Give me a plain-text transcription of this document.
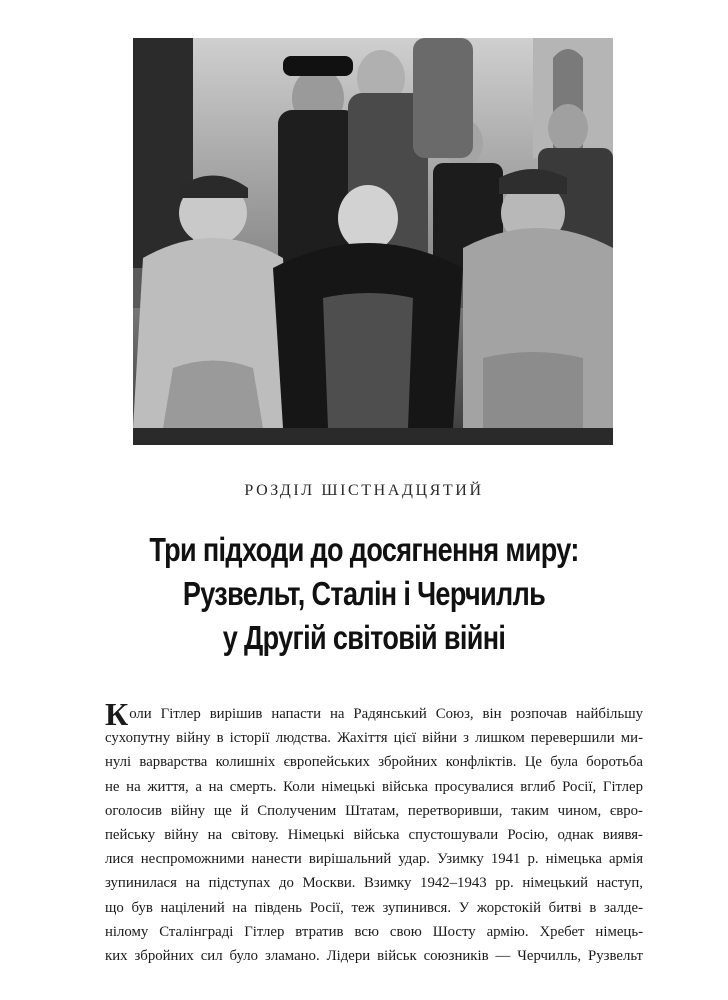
РОЗДІЛ ШІСТНАДЦЯТИЙ

Три підходи до досягнення миру:
Рузвельт, Сталін і Черчилль
у Другій світовій війні
К оли Гітлер вирішив напасти на Радянський Союз, він розпочав найбільшу
сухопутну війну в історії людства. Жахіття цієї війни з лишком перевершили ми-
нулі варварства колишніх європейських збройних конфліктів. Це була боротьба
не на життя, а на смерть. Коли німецькі війська просувалися вглиб Росії, Гітлер
оголосив війну ще й Сполученим Штатам, перетворивши, таким чином, євро-
пейську війну на світову. Німецькі війська спустошували Росію, однак виявя-
лися неспроможними нанести вирішальний удар. Узимку 1941 р. німецька армія
зупинилася на підступах до Москви. Взимку 1942–1943 рр. німецький наступ,
що був націлений на південь Росії, теж зупинився. У жорстокій битві в залде-
нілому Сталінграді Гітлер втратив всю свою Шосту армію. Хребет німець-
ких збройних сил було зламано. Лідери військ союзників — Черчилль, Рузвельт
